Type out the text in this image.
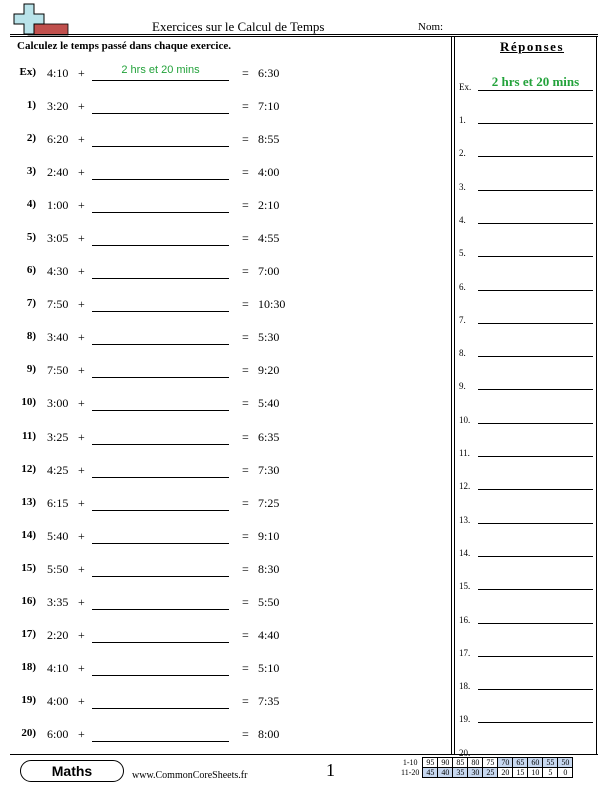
Exercices sur le Calcul de Temps	Nom:
Calculez le temps passé dans chaque exercice.
Ex) 4:10 +	2 hrs et 20 mins	= 6:30
1) 3:20 +	= 7:10
2) 6:20 +	= 8:55
3) 2:40 +	= 4:00
4) 1:00 +	= 2:10
5) 3:05 +	= 4:55
6) 4:30 +	= 7:00
7) 7:50 +	= 10:30
8) 3:40 +	= 5:30
9) 7:50 +	= 9:20
10) 3:00 +	= 5:40
11) 3:25 +	= 6:35
12) 4:25 +	= 7:30
13) 6:15 +	= 7:25
14) 5:40 +	= 9:10
15) 5:50 +	= 8:30
16) 3:35 +	= 5:50
17) 2:20 +	= 4:40
18) 4:10 +	= 5:10
19) 4:00 +	= 7:35
20) 6:00 +	= 8:00
Réponses
Ex.	2 hrs et 20 mins
1.
2.
3.
4.
5.
6.
7.
8.
9.
10.
11.
12.
13.
14.
15.
16.
17.
18.
19.
20.
Maths	www.CommonCoreSheets.fr	1	1-10	95	90	85	80	75	70	65	60	55	50
11-20	45	40	35	30	25	20	15	10	5	0
